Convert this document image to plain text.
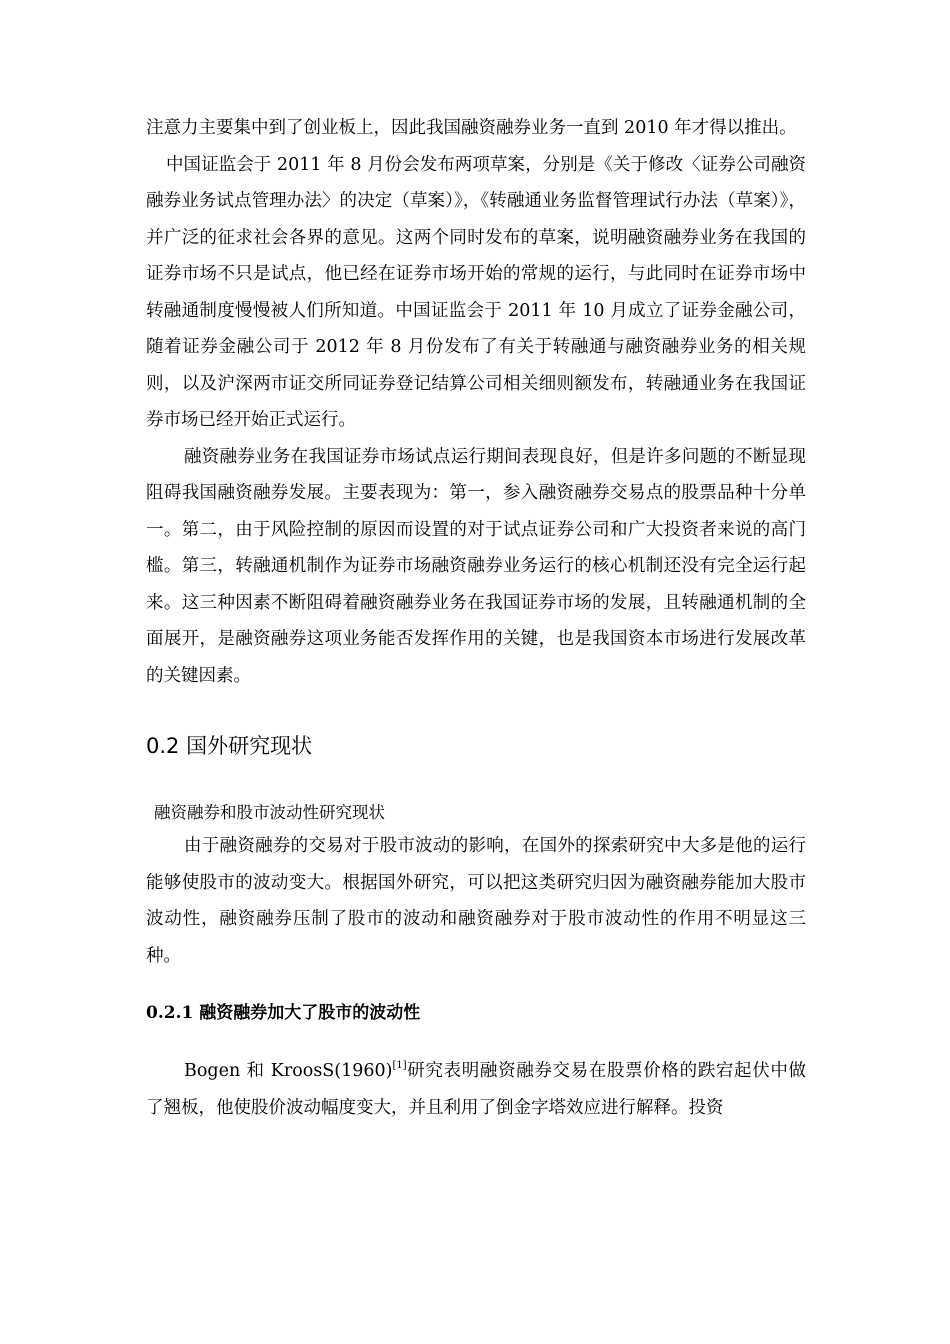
注意力主要集中到了创业板上，因此我国融资融券业务一直到 2010 年才得以推出。

中国证监会于 2011 年 8 月份会发布两项草案，分别是《关于修改〈证券公司融资融券业务试点管理办法〉的决定（草案）》，《转融通业务监督管理试行办法（草案）》，并广泛的征求社会各界的意见。这两个同时发布的草案，说明融资融券业务在我国的证券市场不只是试点，他已经在证券市场开始的常规的运行，与此同时在证券市场中转融通制度慢慢被人们所知道。中国证监会于 2011 年 10 月成立了证券金融公司，随着证券金融公司于 2012 年 8 月份发布了有关于转融通与融资融券业务的相关规则，以及沪深两市证交所同证券登记结算公司相关细则额发布，转融通业务在我国证券市场已经开始正式运行。

融资融券业务在我国证券市场试点运行期间表现良好，但是许多问题的不断显现阻碍我国融资融券发展。主要表现为：第一，参入融资融券交易点的股票品种十分单一。第二，由于风险控制的原因而设置的对于试点证券公司和广大投资者来说的高门槛。第三，转融通机制作为证券市场融资融券业务运行的核心机制还没有完全运行起来。这三种因素不断阻碍着融资融券业务在我国证券市场的发展，且转融通机制的全面展开，是融资融券这项业务能否发挥作用的关键，也是我国资本市场进行发展改革的关键因素。

0.2 国外研究现状
融资融券和股市波动性研究现状

由于融资融券的交易对于股市波动的影响，在国外的探索研究中大多是他的运行能够使股市的波动变大。根据国外研究，可以把这类研究归因为融资融券能加大股市波动性，融资融券压制了股市的波动和融资融券对于股市波动性的作用不明显这三种。

0.2.1 融资融券加大了股市的波动性

Bogen 和 KroosS(1960)[1]研究表明融资融券交易在股票价格的跌宕起伏中做了翘板，他使股价波动幅度变大，并且利用了倒金字塔效应进行解释。投资
